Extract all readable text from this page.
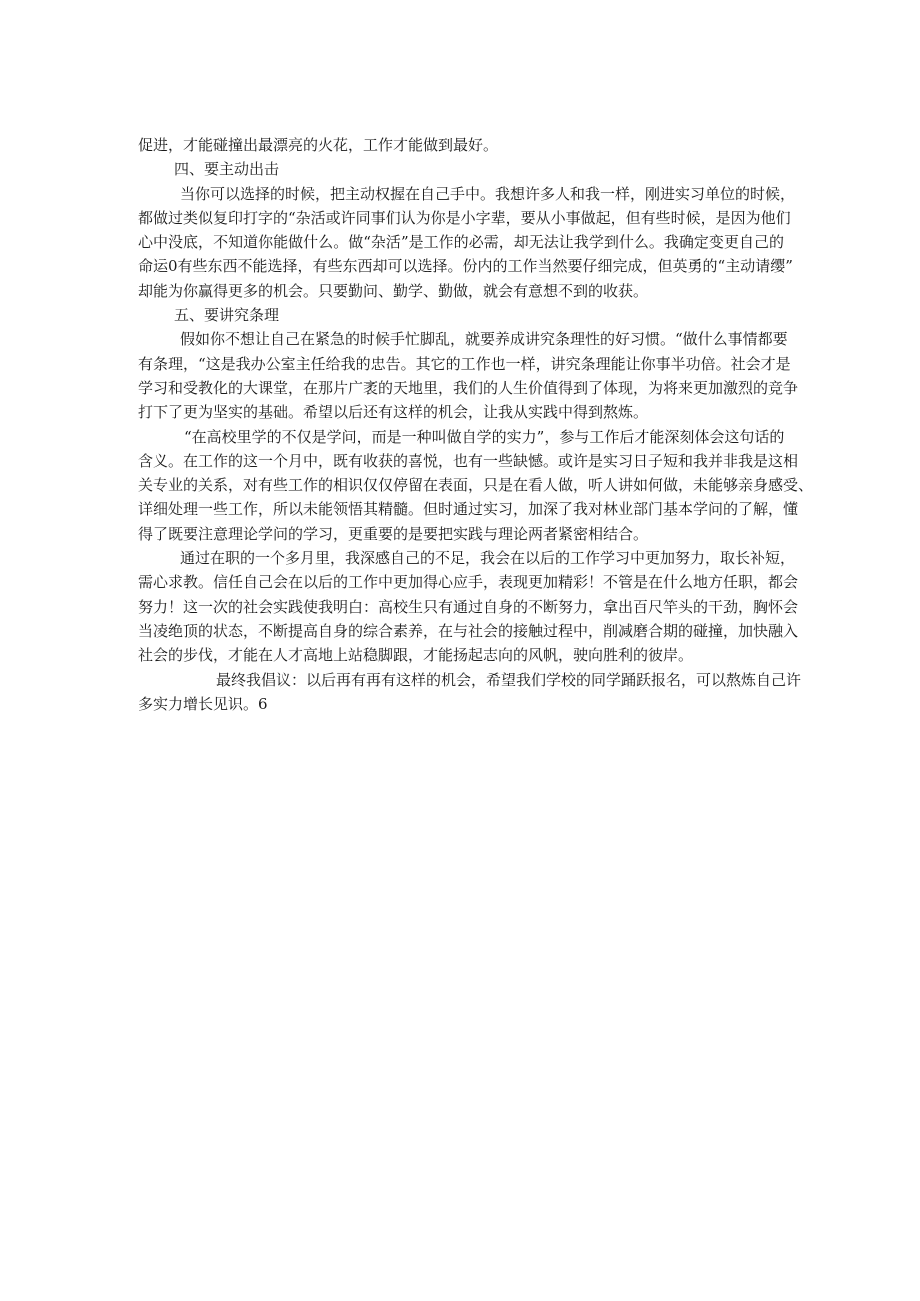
促进，才能碰撞出最漂亮的火花，工作才能做到最好。

四、要主动出击

当你可以选择的时候，把主动权握在自己手中。我想许多人和我一样，刚进实习单位的时候，

都做过类似复印打字的“杂活或许同事们认为你是小字辈，要从小事做起，但有些时候，是因为他们

心中没底，不知道你能做什么。做“杂活”是工作的必需，却无法让我学到什么。我确定变更自己的

命运0有些东西不能选择，有些东西却可以选择。份内的工作当然要仔细完成，但英勇的“主动请缨”

却能为你赢得更多的机会。只要勤问、勤学、勤做，就会有意想不到的收获。

五、要讲究条理

假如你不想让自己在紧急的时候手忙脚乱，就要养成讲究条理性的好习惯。“做什么事情都要

有条理，“这是我办公室主任给我的忠告。其它的工作也一样，讲究条理能让你事半功倍。社会才是

学习和受教化的大课堂，在那片广袤的天地里，我们的人生价值得到了体现，为将来更加激烈的竞争

打下了更为坚实的基础。希望以后还有这样的机会，让我从实践中得到熬炼。

“在高校里学的不仅是学问，而是一种叫做自学的实力”，参与工作后才能深刻体会这句话的

含义。在工作的这一个月中，既有收获的喜悦，也有一些缺憾。或许是实习日子短和我并非我是这相

关专业的关系，对有些工作的相识仅仅停留在表面，只是在看人做，听人讲如何做，未能够亲身感受、

详细处理一些工作，所以未能领悟其精髓。但时通过实习，加深了我对林业部门基本学问的了解，懂

得了既要注意理论学问的学习，更重要的是要把实践与理论两者紧密相结合。

通过在职的一个多月里，我深感自己的不足，我会在以后的工作学习中更加努力，取长补短，

需心求教。信任自己会在以后的工作中更加得心应手，表现更加精彩！不管是在什么地方任职，都会

努力！这一次的社会实践使我明白：高校生只有通过自身的不断努力，拿出百尺竿头的干劲，胸怀会

当凌绝顶的状态，不断提高自身的综合素养，在与社会的接触过程中，削减磨合期的碰撞，加快融入

社会的步伐，才能在人才高地上站稳脚跟，才能扬起志向的风帆，驶向胜利的彼岸。

最终我倡议：以后再有再有这样的机会，希望我们学校的同学踊跃报名，可以熬炼自己许

多实力增长见识。6
